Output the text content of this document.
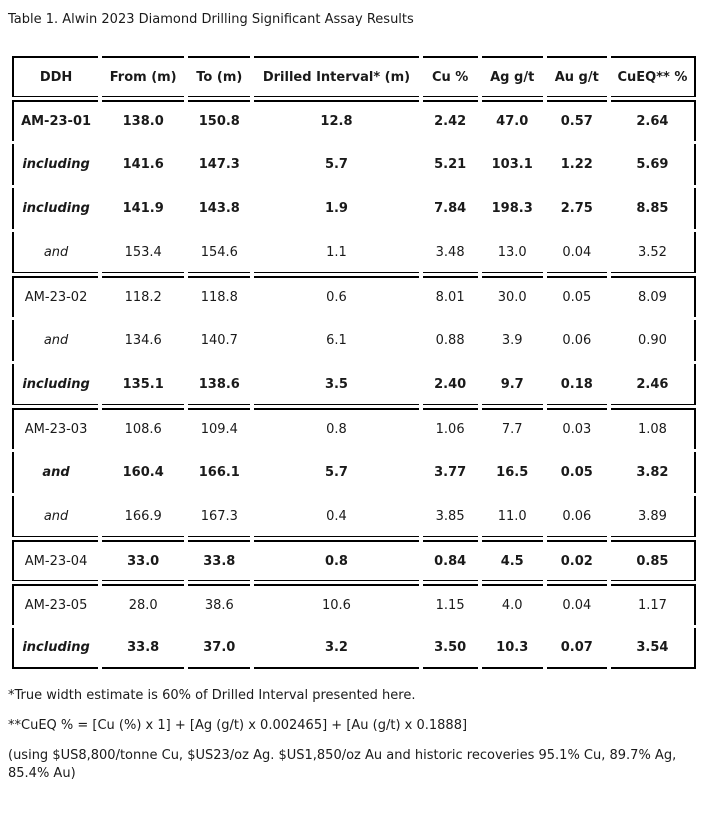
Table 1. Alwin 2023 Diamond Drilling Significant Assay Results

DDH	From (m)	To (m)	Drilled Interval* (m)	Cu %	Ag g/t	Au g/t	CuEQ** %
AM-23-01	138.0	150.8	12.8	2.42	47.0	0.57	2.64
including	141.6	147.3	5.7	5.21	103.1	1.22	5.69
including	141.9	143.8	1.9	7.84	198.3	2.75	8.85
and	153.4	154.6	1.1	3.48	13.0	0.04	3.52
AM-23-02	118.2	118.8	0.6	8.01	30.0	0.05	8.09
and	134.6	140.7	6.1	0.88	3.9	0.06	0.90
including	135.1	138.6	3.5	2.40	9.7	0.18	2.46
AM-23-03	108.6	109.4	0.8	1.06	7.7	0.03	1.08
and	160.4	166.1	5.7	3.77	16.5	0.05	3.82
and	166.9	167.3	0.4	3.85	11.0	0.06	3.89
AM-23-04	33.0	33.8	0.8	0.84	4.5	0.02	0.85
AM-23-05	28.0	38.6	10.6	1.15	4.0	0.04	1.17
including	33.8	37.0	3.2	3.50	10.3	0.07	3.54

*True width estimate is 60% of Drilled Interval presented here.

**CuEQ % = [Cu (%) x 1] + [Ag (g/t) x 0.002465] + [Au (g/t) x 0.1888]

(using $US8,800/tonne Cu, $US23/oz Ag. $US1,850/oz Au and historic recoveries 95.1% Cu, 89.7% Ag, 85.4% Au)
